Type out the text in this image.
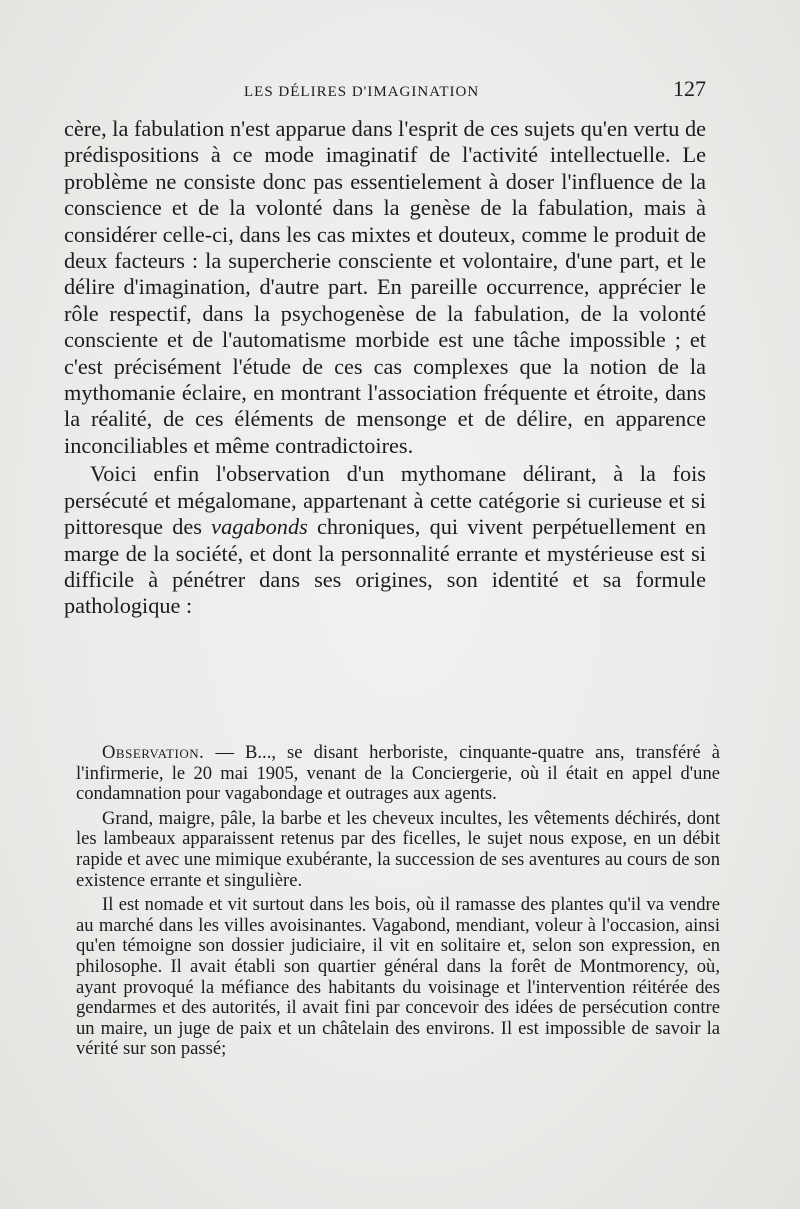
LES DÉLIRES D'IMAGINATION	127

cère, la fabulation n'est apparue dans l'esprit de ces sujets qu'en vertu de prédispositions à ce mode imaginatif de l'activité intellectuelle. Le problème ne consiste donc pas essentielement à doser l'influence de la conscience et de la volonté dans la genèse de la fabulation, mais à considérer celle-ci, dans les cas mixtes et douteux, comme le produit de deux facteurs : la supercherie consciente et volontaire, d'une part, et le délire d'imagination, d'autre part. En pareille occurrence, apprécier le rôle respectif, dans la psychogenèse de la fabulation, de la volonté consciente et de l'automatisme morbide est une tâche impossible ; et c'est précisément l'étude de ces cas complexes que la notion de la mythomanie éclaire, en montrant l'association fréquente et étroite, dans la réalité, de ces éléments de mensonge et de délire, en apparence inconciliables et même contradictoires.

Voici enfin l'observation d'un mythomane délirant, à la fois persécuté et mégalomane, appartenant à cette catégorie si curieuse et si pittoresque des vagabonds chroniques, qui vivent perpétuellement en marge de la société, et dont la personnalité errante et mystérieuse est si difficile à pénétrer dans ses origines, son identité et sa formule pathologique :

Observation. — B..., se disant herboriste, cinquante-quatre ans, transféré à l'infirmerie, le 20 mai 1905, venant de la Conciergerie, où il était en appel d'une condamnation pour vagabondage et outrages aux agents.

Grand, maigre, pâle, la barbe et les cheveux incultes, les vêtements déchirés, dont les lambeaux apparaissent retenus par des ficelles, le sujet nous expose, en un débit rapide et avec une mimique exubérante, la succession de ses aventures au cours de son existence errante et singulière.

Il est nomade et vit surtout dans les bois, où il ramasse des plantes qu'il va vendre au marché dans les villes avoisinantes. Vagabond, mendiant, voleur à l'occasion, ainsi qu'en témoigne son dossier judiciaire, il vit en solitaire et, selon son expression, en philosophe. Il avait établi son quartier général dans la forêt de Montmorency, où, ayant provoqué la méfiance des habitants du voisinage et l'intervention réitérée des gendarmes et des autorités, il avait fini par concevoir des idées de persécution contre un maire, un juge de paix et un châtelain des environs. Il est impossible de savoir la vérité sur son passé;
